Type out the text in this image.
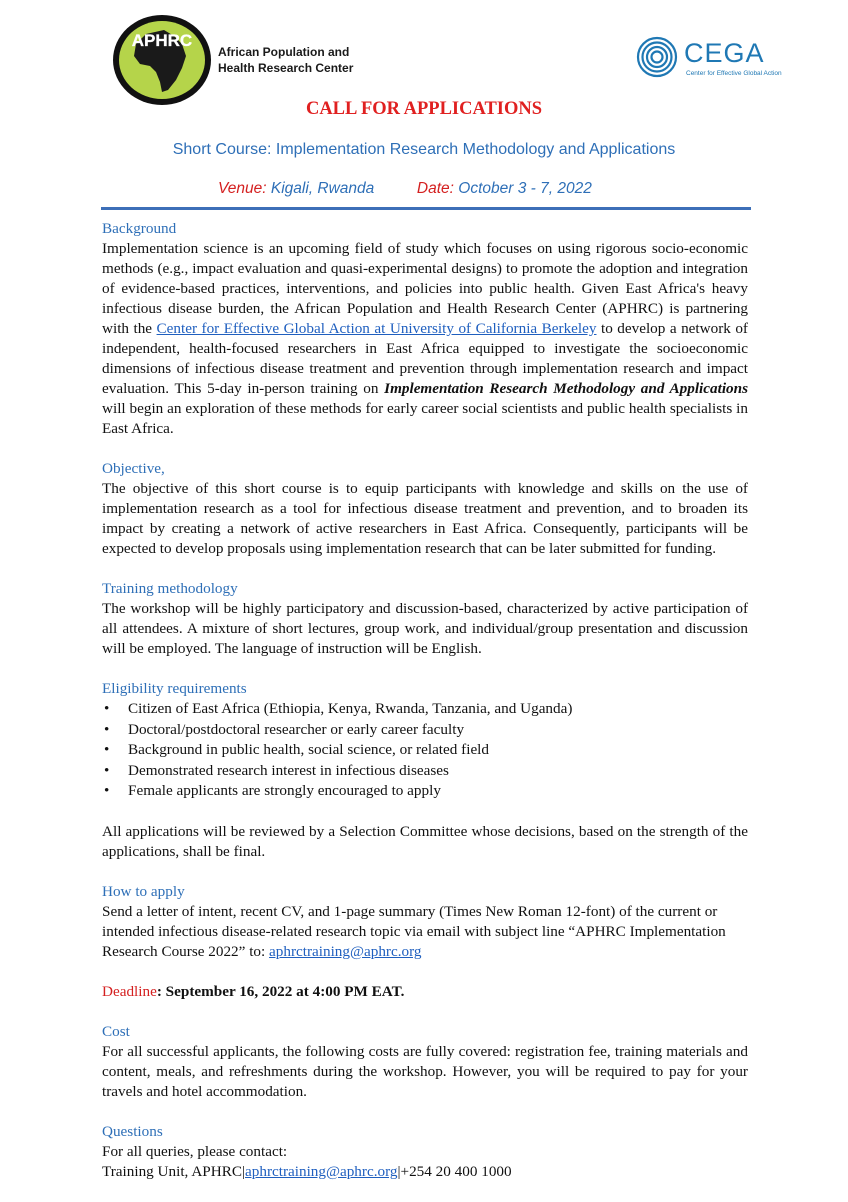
APHRC
African Population and
Health Research Center	CEGA
Center for Effective Global Action
CALL FOR APPLICATIONS
Short Course: Implementation Research Methodology and Applications
Venue: Kigali, Rwanda	Date: October 3 - 7, 2022
Background

Implementation science is an upcoming field of study which focuses on using rigorous socio-economic methods (e.g., impact evaluation and quasi-experimental designs) to promote the adoption and integration of evidence-based practices, interventions, and policies into public health. Given East Africa's heavy infectious disease burden, the African Population and Health Research Center (APHRC) is partnering with the Center for Effective Global Action at University of California Berkeley to develop a network of independent, health-focused researchers in East Africa equipped to investigate the socioeconomic dimensions of infectious disease treatment and prevention through implementation research and impact evaluation. This 5-day in-person training on Implementation Research Methodology and Applications will begin an exploration of these methods for early career social scientists and public health specialists in East Africa.

Objective,

The objective of this short course is to equip participants with knowledge and skills on the use of implementation research as a tool for infectious disease treatment and prevention, and to broaden its impact by creating a network of active researchers in East Africa. Consequently, participants will be expected to develop proposals using implementation research that can be later submitted for funding.

Training methodology

The workshop will be highly participatory and discussion-based, characterized by active participation of all attendees. A mixture of short lectures, group work, and individual/group presentation and discussion will be employed. The language of instruction will be English.

Eligibility requirements
• Citizen of East Africa (Ethiopia, Kenya, Rwanda, Tanzania, and Uganda)
• Doctoral/postdoctoral researcher or early career faculty
• Background in public health, social science, or related field
• Demonstrated research interest in infectious diseases
• Female applicants are strongly encouraged to apply

All applications will be reviewed by a Selection Committee whose decisions, based on the strength of the applications, shall be final.

How to apply

Send a letter of intent, recent CV, and 1-page summary (Times New Roman 12-font) of the current or intended infectious disease-related research topic via email with subject line “APHRC Implementation Research Course 2022” to: aphrctraining@aphrc.org

Deadline: September 16, 2022 at 4:00 PM EAT.
Cost

For all successful applicants, the following costs are fully covered: registration fee, training materials and content, meals, and refreshments during the workshop. However, you will be required to pay for your travels and hotel accommodation.

Questions

For all queries, please contact:

Training Unit, APHRC|aphrctraining@aphrc.org|+254 20 400 1000
